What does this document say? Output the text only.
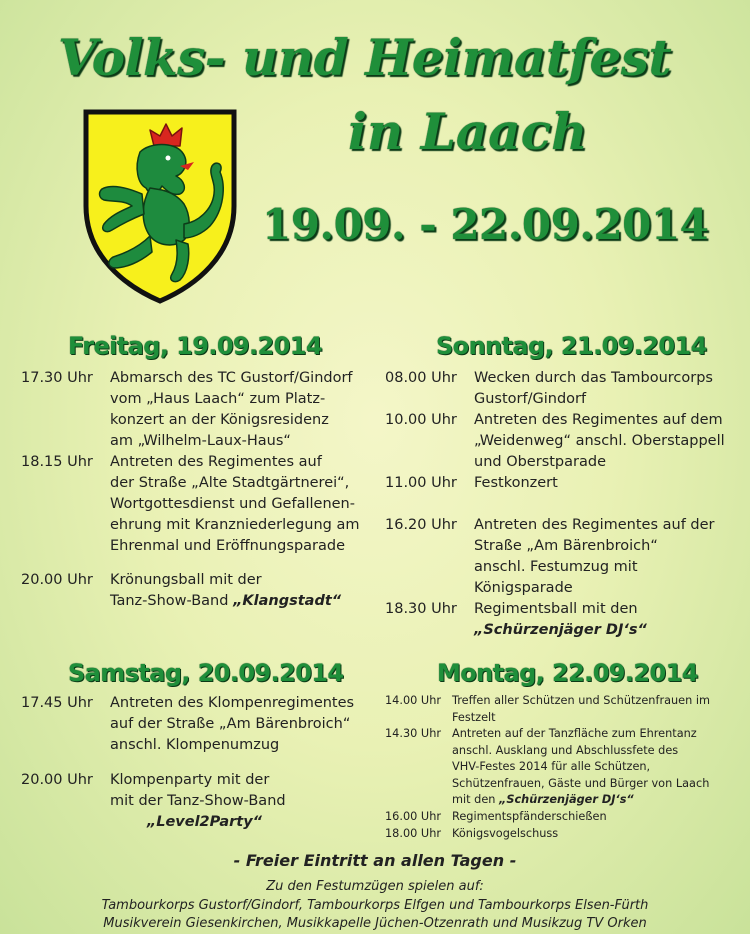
Volks- und Heimatfest
in Laach
19.09. - 22.09.2014
Freitag, 19.09.2014
17.30 Uhr Abmarsch des TC Gustorf/Gindorf
vom „Haus Laach“ zum Platz-
konzert an der Königsresidenz
am „Wilhelm-Laux-Haus“
18.15 Uhr Antreten des Regimentes auf
der Straße „Alte Stadtgärtnerei“,
Wortgottesdienst und Gefallenen-
ehrung mit Kranzniederlegung am
Ehrenmal und Eröffnungsparade
20.00 Uhr Krönungsball mit der
Tanz-Show-Band „Klangstadt“
Sonntag, 21.09.2014
08.00 Uhr Wecken durch das Tambourcorps
Gustorf/Gindorf
10.00 Uhr Antreten des Regimentes auf dem
„Weidenweg“ anschl. Oberstappell
und Oberstparade
11.00 Uhr Festkonzert
16.20 Uhr Antreten des Regimentes auf der
Straße „Am Bärenbroich“
anschl. Festumzug mit
Königsparade
18.30 Uhr Regimentsball mit den
„Schürzenjäger DJ‘s“
Samstag, 20.09.2014
17.45 Uhr Antreten des Klompenregimentes
auf der Straße „Am Bärenbroich“
anschl. Klompenumzug
20.00 Uhr Klompenparty mit der
mit der Tanz-Show-Band
„Level2Party“
Montag, 22.09.2014
14.00 Uhr Treffen aller Schützen und Schützenfrauen im
Festzelt
14.30 Uhr Antreten auf der Tanzfläche zum Ehrentanz
anschl. Ausklang und Abschlussfete des
VHV-Festes 2014 für alle Schützen,
Schützenfrauen, Gäste und Bürger von Laach
mit den „Schürzenjäger DJ‘s“
16.00 Uhr Regimentspfänderschießen
18.00 Uhr Königsvogelschuss

- Freier Eintritt an allen Tagen -

Zu den Festumzügen spielen auf:

Tambourkorps Gustorf/Gindorf, Tambourkorps Elfgen und Tambourkorps Elsen-Fürth
Musikverein Giesenkirchen, Musikkapelle Jüchen-Otzenrath und Musikzug TV Orken
